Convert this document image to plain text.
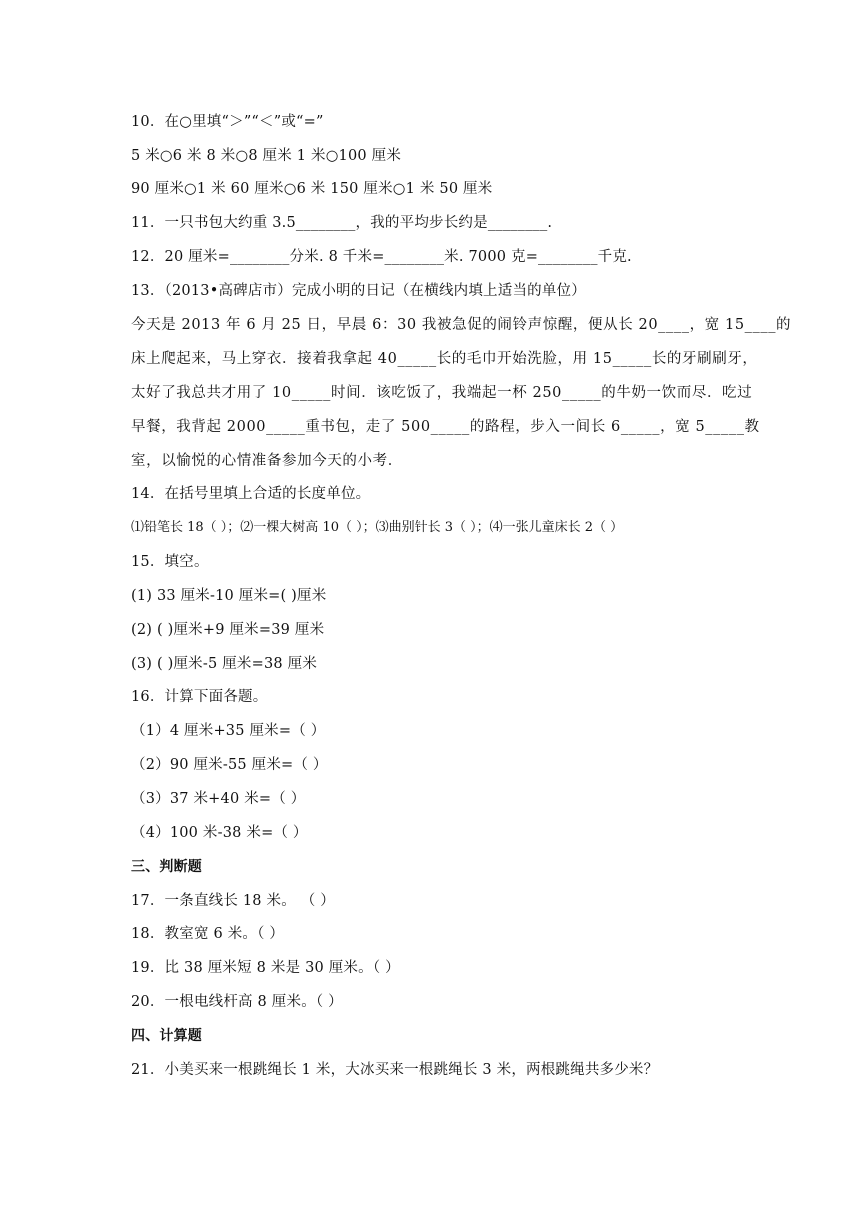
10．在○里填“＞”“＜”或“=”
5 米○6 米 8 米○8 厘米 1 米○100 厘米
90 厘米○1 米 60 厘米○6 米 150 厘米○1 米 50 厘米
11．一只书包大约重 3.5________，我的平均步长约是________.
12．20 厘米=________分米. 8 千米=________米. 7000 克=________千克.
13．（2013•高碑店市）完成小明的日记（在横线内填上适当的单位）
今天是 2013 年 6 月 25 日，早晨 6：30 我被急促的闹铃声惊醒，便从长 20____，宽 15____的
床上爬起来，马上穿衣．接着我拿起 40_____长的毛巾开始洗脸，用 15_____长的牙刷刷牙，
太好了我总共才用了 10_____时间．该吃饭了，我端起一杯 250_____的牛奶一饮而尽．吃过
早餐，我背起 2000_____重书包，走了 500_____的路程，步入一间长 6_____，宽 5_____教
室，以愉悦的心情准备参加今天的小考．
14．在括号里填上合适的长度单位。
⑴铅笔长 18（ ）；⑵一棵大树高 10（ ）；⑶曲别针长 3（ ）；⑷一张儿童床长 2（ ）
15．填空。
(1) 33 厘米-10 厘米=( )厘米
(2) ( )厘米+9 厘米=39 厘米
(3) ( )厘米-5 厘米=38 厘米
16．计算下面各题。
（1）4 厘米+35 厘米=（ ）
（2）90 厘米-55 厘米=（ ）
（3）37 米+40 米=（ ）
（4）100 米-38 米=（ ）
三、判断题
17．一条直线长 18 米。 （ ）
18．教室宽 6 米。（ ）
19．比 38 厘米短 8 米是 30 厘米。（ ）
20．一根电线杆高 8 厘米。（ ）
四、计算题
21．小美买来一根跳绳长 1 米，大冰买来一根跳绳长 3 米，两根跳绳共多少米？
